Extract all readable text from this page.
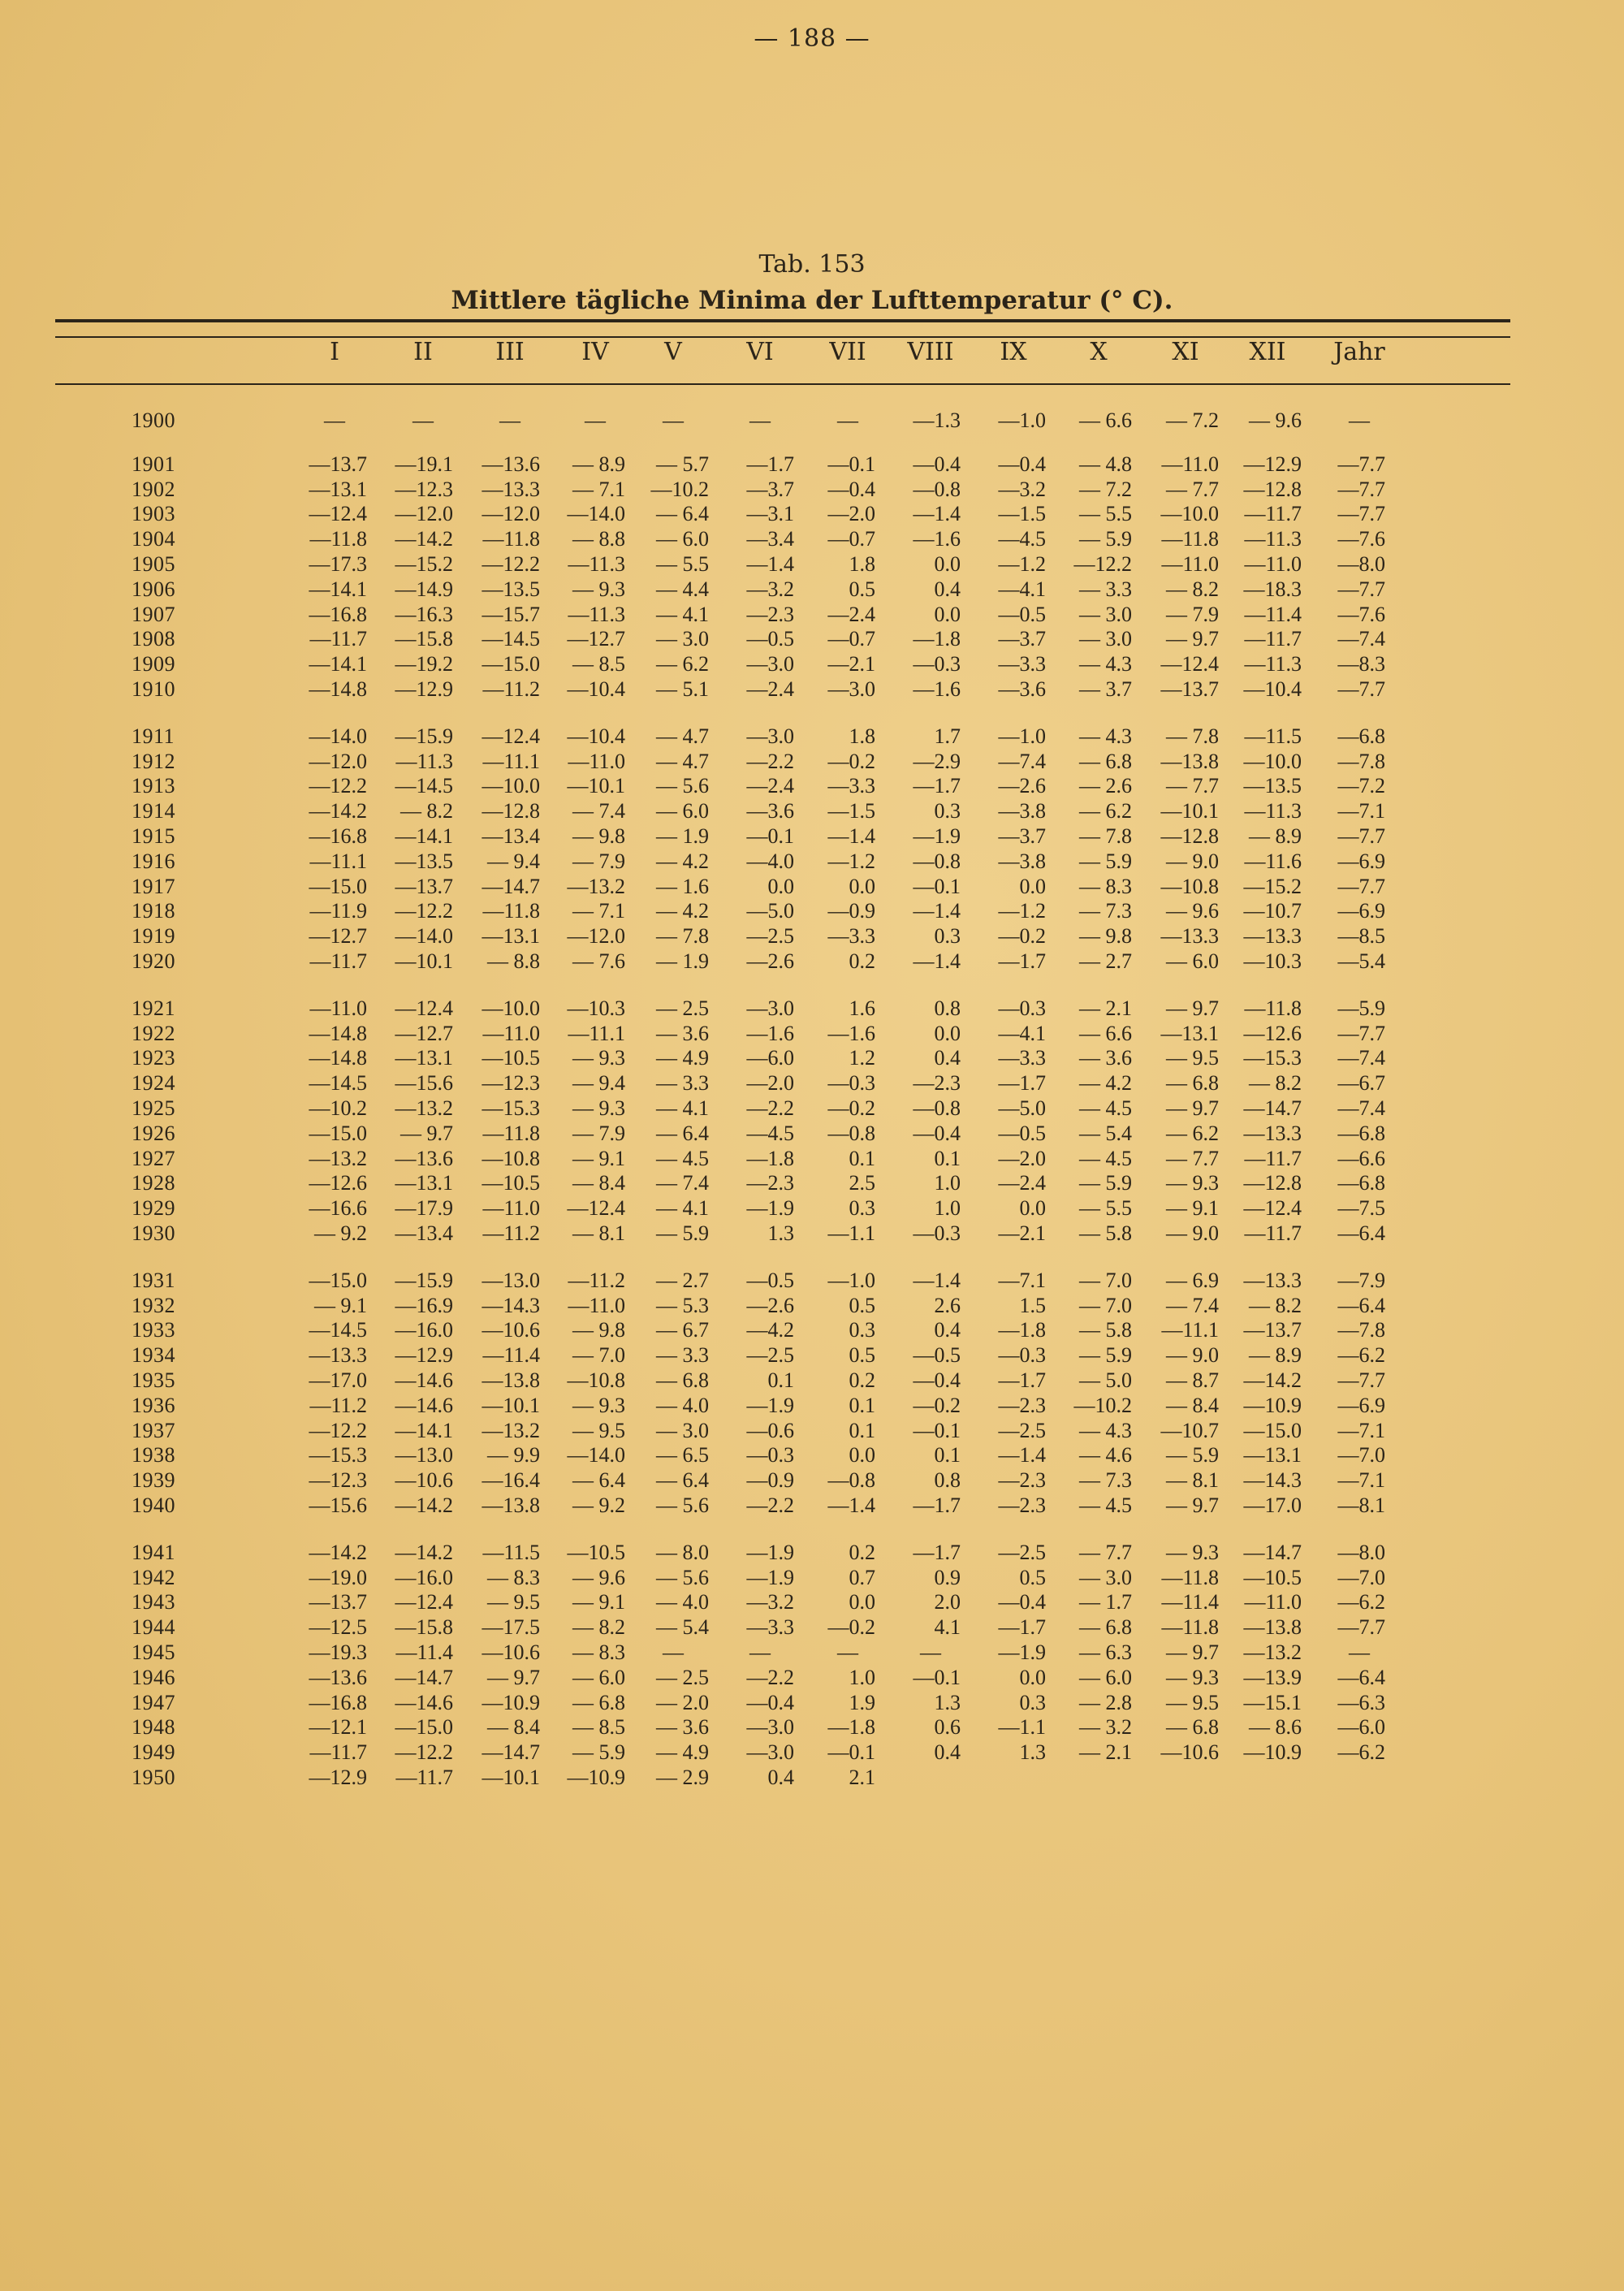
— 188 —
Tab. 153
Mittlere tägliche Minima der Lufttemperatur (° C).
I	II	III	IV	V	VI	VII	VIII	IX	X	XI	XII	Jahr
1900	—	—	—	—	—	—	—	—1.3	—1.0	— 6.6	— 7.2	— 9.6	—
1901	—13.7	—19.1	—13.6	— 8.9	— 5.7	—1.7	—0.1	—0.4	—0.4	— 4.8	—11.0	—12.9	—7.7
1902	—13.1	—12.3	—13.3	— 7.1	—10.2	—3.7	—0.4	—0.8	—3.2	— 7.2	— 7.7	—12.8	—7.7
1903	—12.4	—12.0	—12.0	—14.0	— 6.4	—3.1	—2.0	—1.4	—1.5	— 5.5	—10.0	—11.7	—7.7
1904	—11.8	—14.2	—11.8	— 8.8	— 6.0	—3.4	—0.7	—1.6	—4.5	— 5.9	—11.8	—11.3	—7.6
1905	—17.3	—15.2	—12.2	—11.3	— 5.5	—1.4	1.8	0.0	—1.2	—12.2	—11.0	—11.0	—8.0
1906	—14.1	—14.9	—13.5	— 9.3	— 4.4	—3.2	0.5	0.4	—4.1	— 3.3	— 8.2	—18.3	—7.7
1907	—16.8	—16.3	—15.7	—11.3	— 4.1	—2.3	—2.4	0.0	—0.5	— 3.0	— 7.9	—11.4	—7.6
1908	—11.7	—15.8	—14.5	—12.7	— 3.0	—0.5	—0.7	—1.8	—3.7	— 3.0	— 9.7	—11.7	—7.4
1909	—14.1	—19.2	—15.0	— 8.5	— 6.2	—3.0	—2.1	—0.3	—3.3	— 4.3	—12.4	—11.3	—8.3
1910	—14.8	—12.9	—11.2	—10.4	— 5.1	—2.4	—3.0	—1.6	—3.6	— 3.7	—13.7	—10.4	—7.7
1911	—14.0	—15.9	—12.4	—10.4	— 4.7	—3.0	1.8	1.7	—1.0	— 4.3	— 7.8	—11.5	—6.8
1912	—12.0	—11.3	—11.1	—11.0	— 4.7	—2.2	—0.2	—2.9	—7.4	— 6.8	—13.8	—10.0	—7.8
1913	—12.2	—14.5	—10.0	—10.1	— 5.6	—2.4	—3.3	—1.7	—2.6	— 2.6	— 7.7	—13.5	—7.2
1914	—14.2	— 8.2	—12.8	— 7.4	— 6.0	—3.6	—1.5	0.3	—3.8	— 6.2	—10.1	—11.3	—7.1
1915	—16.8	—14.1	—13.4	— 9.8	— 1.9	—0.1	—1.4	—1.9	—3.7	— 7.8	—12.8	— 8.9	—7.7
1916	—11.1	—13.5	— 9.4	— 7.9	— 4.2	—4.0	—1.2	—0.8	—3.8	— 5.9	— 9.0	—11.6	—6.9
1917	—15.0	—13.7	—14.7	—13.2	— 1.6	0.0	0.0	—0.1	0.0	— 8.3	—10.8	—15.2	—7.7
1918	—11.9	—12.2	—11.8	— 7.1	— 4.2	—5.0	—0.9	—1.4	—1.2	— 7.3	— 9.6	—10.7	—6.9
1919	—12.7	—14.0	—13.1	—12.0	— 7.8	—2.5	—3.3	0.3	—0.2	— 9.8	—13.3	—13.3	—8.5
1920	—11.7	—10.1	— 8.8	— 7.6	— 1.9	—2.6	0.2	—1.4	—1.7	— 2.7	— 6.0	—10.3	—5.4
1921	—11.0	—12.4	—10.0	—10.3	— 2.5	—3.0	1.6	0.8	—0.3	— 2.1	— 9.7	—11.8	—5.9
1922	—14.8	—12.7	—11.0	—11.1	— 3.6	—1.6	—1.6	0.0	—4.1	— 6.6	—13.1	—12.6	—7.7
1923	—14.8	—13.1	—10.5	— 9.3	— 4.9	—6.0	1.2	0.4	—3.3	— 3.6	— 9.5	—15.3	—7.4
1924	—14.5	—15.6	—12.3	— 9.4	— 3.3	—2.0	—0.3	—2.3	—1.7	— 4.2	— 6.8	— 8.2	—6.7
1925	—10.2	—13.2	—15.3	— 9.3	— 4.1	—2.2	—0.2	—0.8	—5.0	— 4.5	— 9.7	—14.7	—7.4
1926	—15.0	— 9.7	—11.8	— 7.9	— 6.4	—4.5	—0.8	—0.4	—0.5	— 5.4	— 6.2	—13.3	—6.8
1927	—13.2	—13.6	—10.8	— 9.1	— 4.5	—1.8	0.1	0.1	—2.0	— 4.5	— 7.7	—11.7	—6.6
1928	—12.6	—13.1	—10.5	— 8.4	— 7.4	—2.3	2.5	1.0	—2.4	— 5.9	— 9.3	—12.8	—6.8
1929	—16.6	—17.9	—11.0	—12.4	— 4.1	—1.9	0.3	1.0	0.0	— 5.5	— 9.1	—12.4	—7.5
1930	— 9.2	—13.4	—11.2	— 8.1	— 5.9	1.3	—1.1	—0.3	—2.1	— 5.8	— 9.0	—11.7	—6.4
1931	—15.0	—15.9	—13.0	—11.2	— 2.7	—0.5	—1.0	—1.4	—7.1	— 7.0	— 6.9	—13.3	—7.9
1932	— 9.1	—16.9	—14.3	—11.0	— 5.3	—2.6	0.5	2.6	1.5	— 7.0	— 7.4	— 8.2	—6.4
1933	—14.5	—16.0	—10.6	— 9.8	— 6.7	—4.2	0.3	0.4	—1.8	— 5.8	—11.1	—13.7	—7.8
1934	—13.3	—12.9	—11.4	— 7.0	— 3.3	—2.5	0.5	—0.5	—0.3	— 5.9	— 9.0	— 8.9	—6.2
1935	—17.0	—14.6	—13.8	—10.8	— 6.8	0.1	0.2	—0.4	—1.7	— 5.0	— 8.7	—14.2	—7.7
1936	—11.2	—14.6	—10.1	— 9.3	— 4.0	—1.9	0.1	—0.2	—2.3	—10.2	— 8.4	—10.9	—6.9
1937	—12.2	—14.1	—13.2	— 9.5	— 3.0	—0.6	0.1	—0.1	—2.5	— 4.3	—10.7	—15.0	—7.1
1938	—15.3	—13.0	— 9.9	—14.0	— 6.5	—0.3	0.0	0.1	—1.4	— 4.6	— 5.9	—13.1	—7.0
1939	—12.3	—10.6	—16.4	— 6.4	— 6.4	—0.9	—0.8	0.8	—2.3	— 7.3	— 8.1	—14.3	—7.1
1940	—15.6	—14.2	—13.8	— 9.2	— 5.6	—2.2	—1.4	—1.7	—2.3	— 4.5	— 9.7	—17.0	—8.1
1941	—14.2	—14.2	—11.5	—10.5	— 8.0	—1.9	0.2	—1.7	—2.5	— 7.7	— 9.3	—14.7	—8.0
1942	—19.0	—16.0	— 8.3	— 9.6	— 5.6	—1.9	0.7	0.9	0.5	— 3.0	—11.8	—10.5	—7.0
1943	—13.7	—12.4	— 9.5	— 9.1	— 4.0	—3.2	0.0	2.0	—0.4	— 1.7	—11.4	—11.0	—6.2
1944	—12.5	—15.8	—17.5	— 8.2	— 5.4	—3.3	—0.2	4.1	—1.7	— 6.8	—11.8	—13.8	—7.7
1945	—19.3	—11.4	—10.6	— 8.3	—	—	—	—	—1.9	— 6.3	— 9.7	—13.2	—
1946	—13.6	—14.7	— 9.7	— 6.0	— 2.5	—2.2	1.0	—0.1	0.0	— 6.0	— 9.3	—13.9	—6.4
1947	—16.8	—14.6	—10.9	— 6.8	— 2.0	—0.4	1.9	1.3	0.3	— 2.8	— 9.5	—15.1	—6.3
1948	—12.1	—15.0	— 8.4	— 8.5	— 3.6	—3.0	—1.8	0.6	—1.1	— 3.2	— 6.8	— 8.6	—6.0
1949	—11.7	—12.2	—14.7	— 5.9	— 4.9	—3.0	—0.1	0.4	1.3	— 2.1	—10.6	—10.9	—6.2
1950	—12.9	—11.7	—10.1	—10.9	— 2.9	0.4	2.1
